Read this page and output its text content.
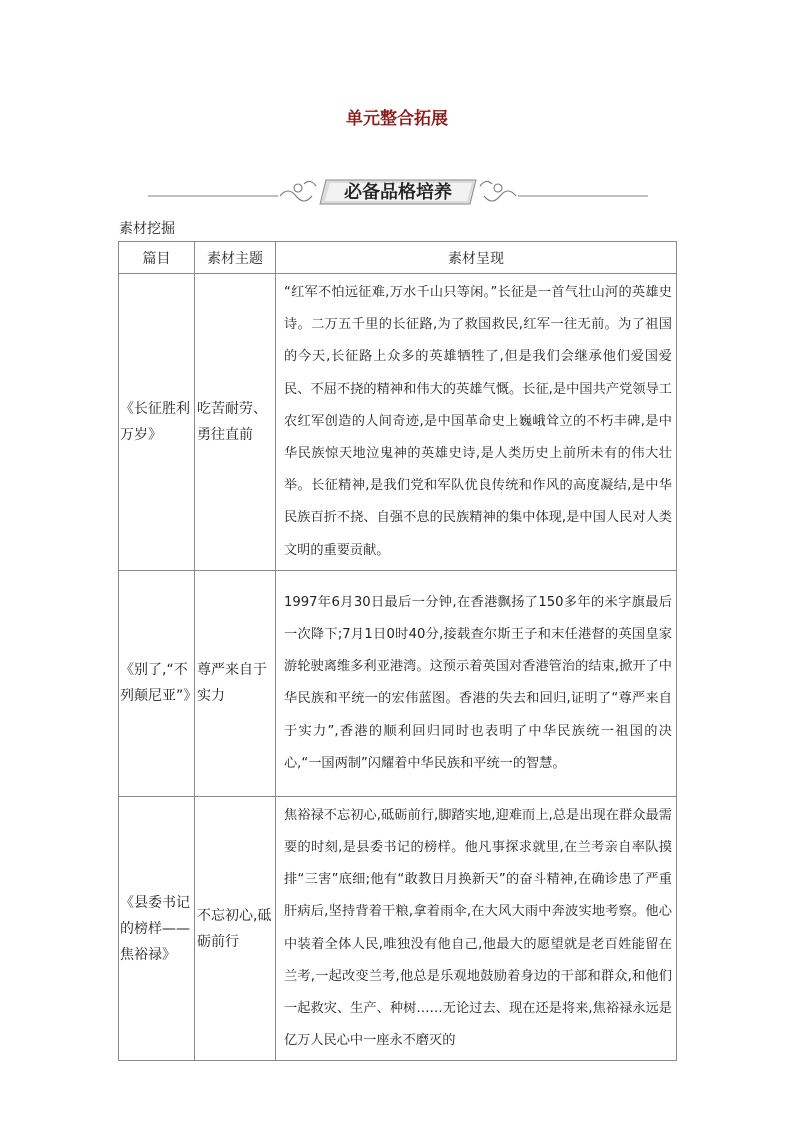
单元整合拓展
必备品格培养
素材挖掘
篇目	素材主题	素材呈现

《长征胜利万岁》	吃苦耐劳、勇往直前	“红军不怕远征难,万水千山只等闲。”长征是一首气壮山河的英雄史诗。二万五千里的长征路,为了救国救民,红军一往无前。为了祖国的今天,长征路上众多的英雄牺牲了,但是我们会继承他们爱国爱民、不屈不挠的精神和伟大的英雄气慨。长征,是中国共产党领导工农红军创造的人间奇迹,是中国革命史上巍峨耸立的不朽丰碑,是中华民族惊天地泣鬼神的英雄史诗,是人类历史上前所未有的伟大壮举。长征精神,是我们党和军队优良传统和作风的高度凝结,是中华民族百折不挠、自强不息的民族精神的集中体现,是中国人民对人类文明的重要贡献。

《别了,“不列颠尼亚”》	尊严来自于实力	1997年6月30日最后一分钟,在香港飘扬了150多年的米字旗最后一次降下;7月1日0时40分,接载查尔斯王子和末任港督的英国皇家游轮驶离维多利亚港湾。这预示着英国对香港管治的结束,掀开了中华民族和平统一的宏伟蓝图。香港的失去和回归,证明了“尊严来自于实力”,香港的顺利回归同时也表明了中华民族统一祖国的决心,“一国两制”闪耀着中华民族和平统一的智慧。

《县委书记的榜样——焦裕禄》	不忘初心,砥砺前行	焦裕禄不忘初心,砥砺前行,脚踏实地,迎难而上,总是出现在群众最需要的时刻,是县委书记的榜样。他凡事探求就里,在兰考亲自率队摸排“三害”底细;他有“敢教日月换新天”的奋斗精神,在确诊患了严重肝病后,坚持背着干粮,拿着雨伞,在大风大雨中奔波实地考察。他心中装着全体人民,唯独没有他自己,他最大的愿望就是老百姓能留在兰考,一起改变兰考,他总是乐观地鼓励着身边的干部和群众,和他们一起救灾、生产、种树……无论过去、现在还是将来,焦裕禄永远是亿万人民心中一座永不磨灭的
